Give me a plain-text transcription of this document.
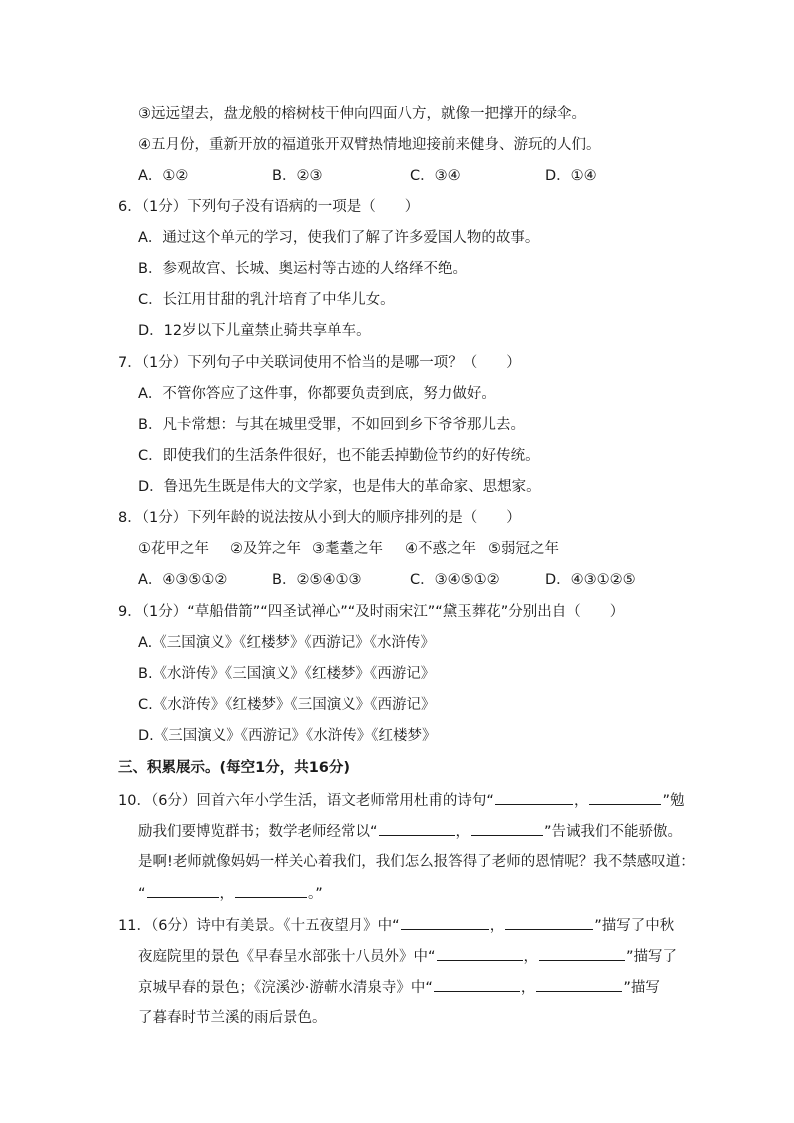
③远远望去，盘龙般的榕树枝干伸向四面八方，就像一把撑开的绿伞。
④五月份，重新开放的福道张开双臂热情地迎接前来健身、游玩的人们。
A．①②	B．②③	C．③④	D．①④
6．（1分）下列句子没有语病的一项是（　　）
A．通过这个单元的学习，使我们了解了许多爱国人物的故事。
B．参观故宫、长城、奥运村等古迹的人络绎不绝。
C．长江用甘甜的乳汁培育了中华儿女。
D．12岁以下儿童禁止骑共享单车。
7．（1分）下列句子中关联词使用不恰当的是哪一项？（　　）
A．不管你答应了这件事，你都要负责到底，努力做好。
B．凡卡常想：与其在城里受罪，不如回到乡下爷爷那儿去。
C．即使我们的生活条件很好，也不能丢掉勤俭节约的好传统。
D．鲁迅先生既是伟大的文学家，也是伟大的革命家、思想家。
8．（1分）下列年龄的说法按从小到大的顺序排列的是（　　）
①花甲之年 ②及笄之年 ③耄耋之年 ④不惑之年 ⑤弱冠之年
A．④③⑤①②	B．②⑤④①③	C．③④⑤①②	D．④③①②⑤
9．（1分）“草船借箭”“四圣试禅心”“及时雨宋江”“黛玉葬花”分别出自（　　）
A.《三国演义》《红楼梦》《西游记》《水浒传》
B.《水浒传》《三国演义》《红楼梦》《西游记》
C.《水浒传》《红楼梦》《三国演义》《西游记》
D.《三国演义》《西游记》《水浒传》《红楼梦》
三、积累展示。(每空1分，共16分)
10．（6分）回首六年小学生活，语文老师常用杜甫的诗句“	，	”勉
励我们要博览群书；数学老师经常以“	，	”告诫我们不能骄傲。
是啊!老师就像妈妈一样关心着我们，我们怎么报答得了老师的恩情呢？我不禁感叹道：
“	，	。”
11．（6分）诗中有美景。《十五夜望月》中“	，	”描写了中秋
夜庭院里的景色《早春呈水部张十八员外》中“	，	”描写了
京城早春的景色；《浣溪沙·游蕲水清泉寺》中“	，	”描写
了暮春时节兰溪的雨后景色。
